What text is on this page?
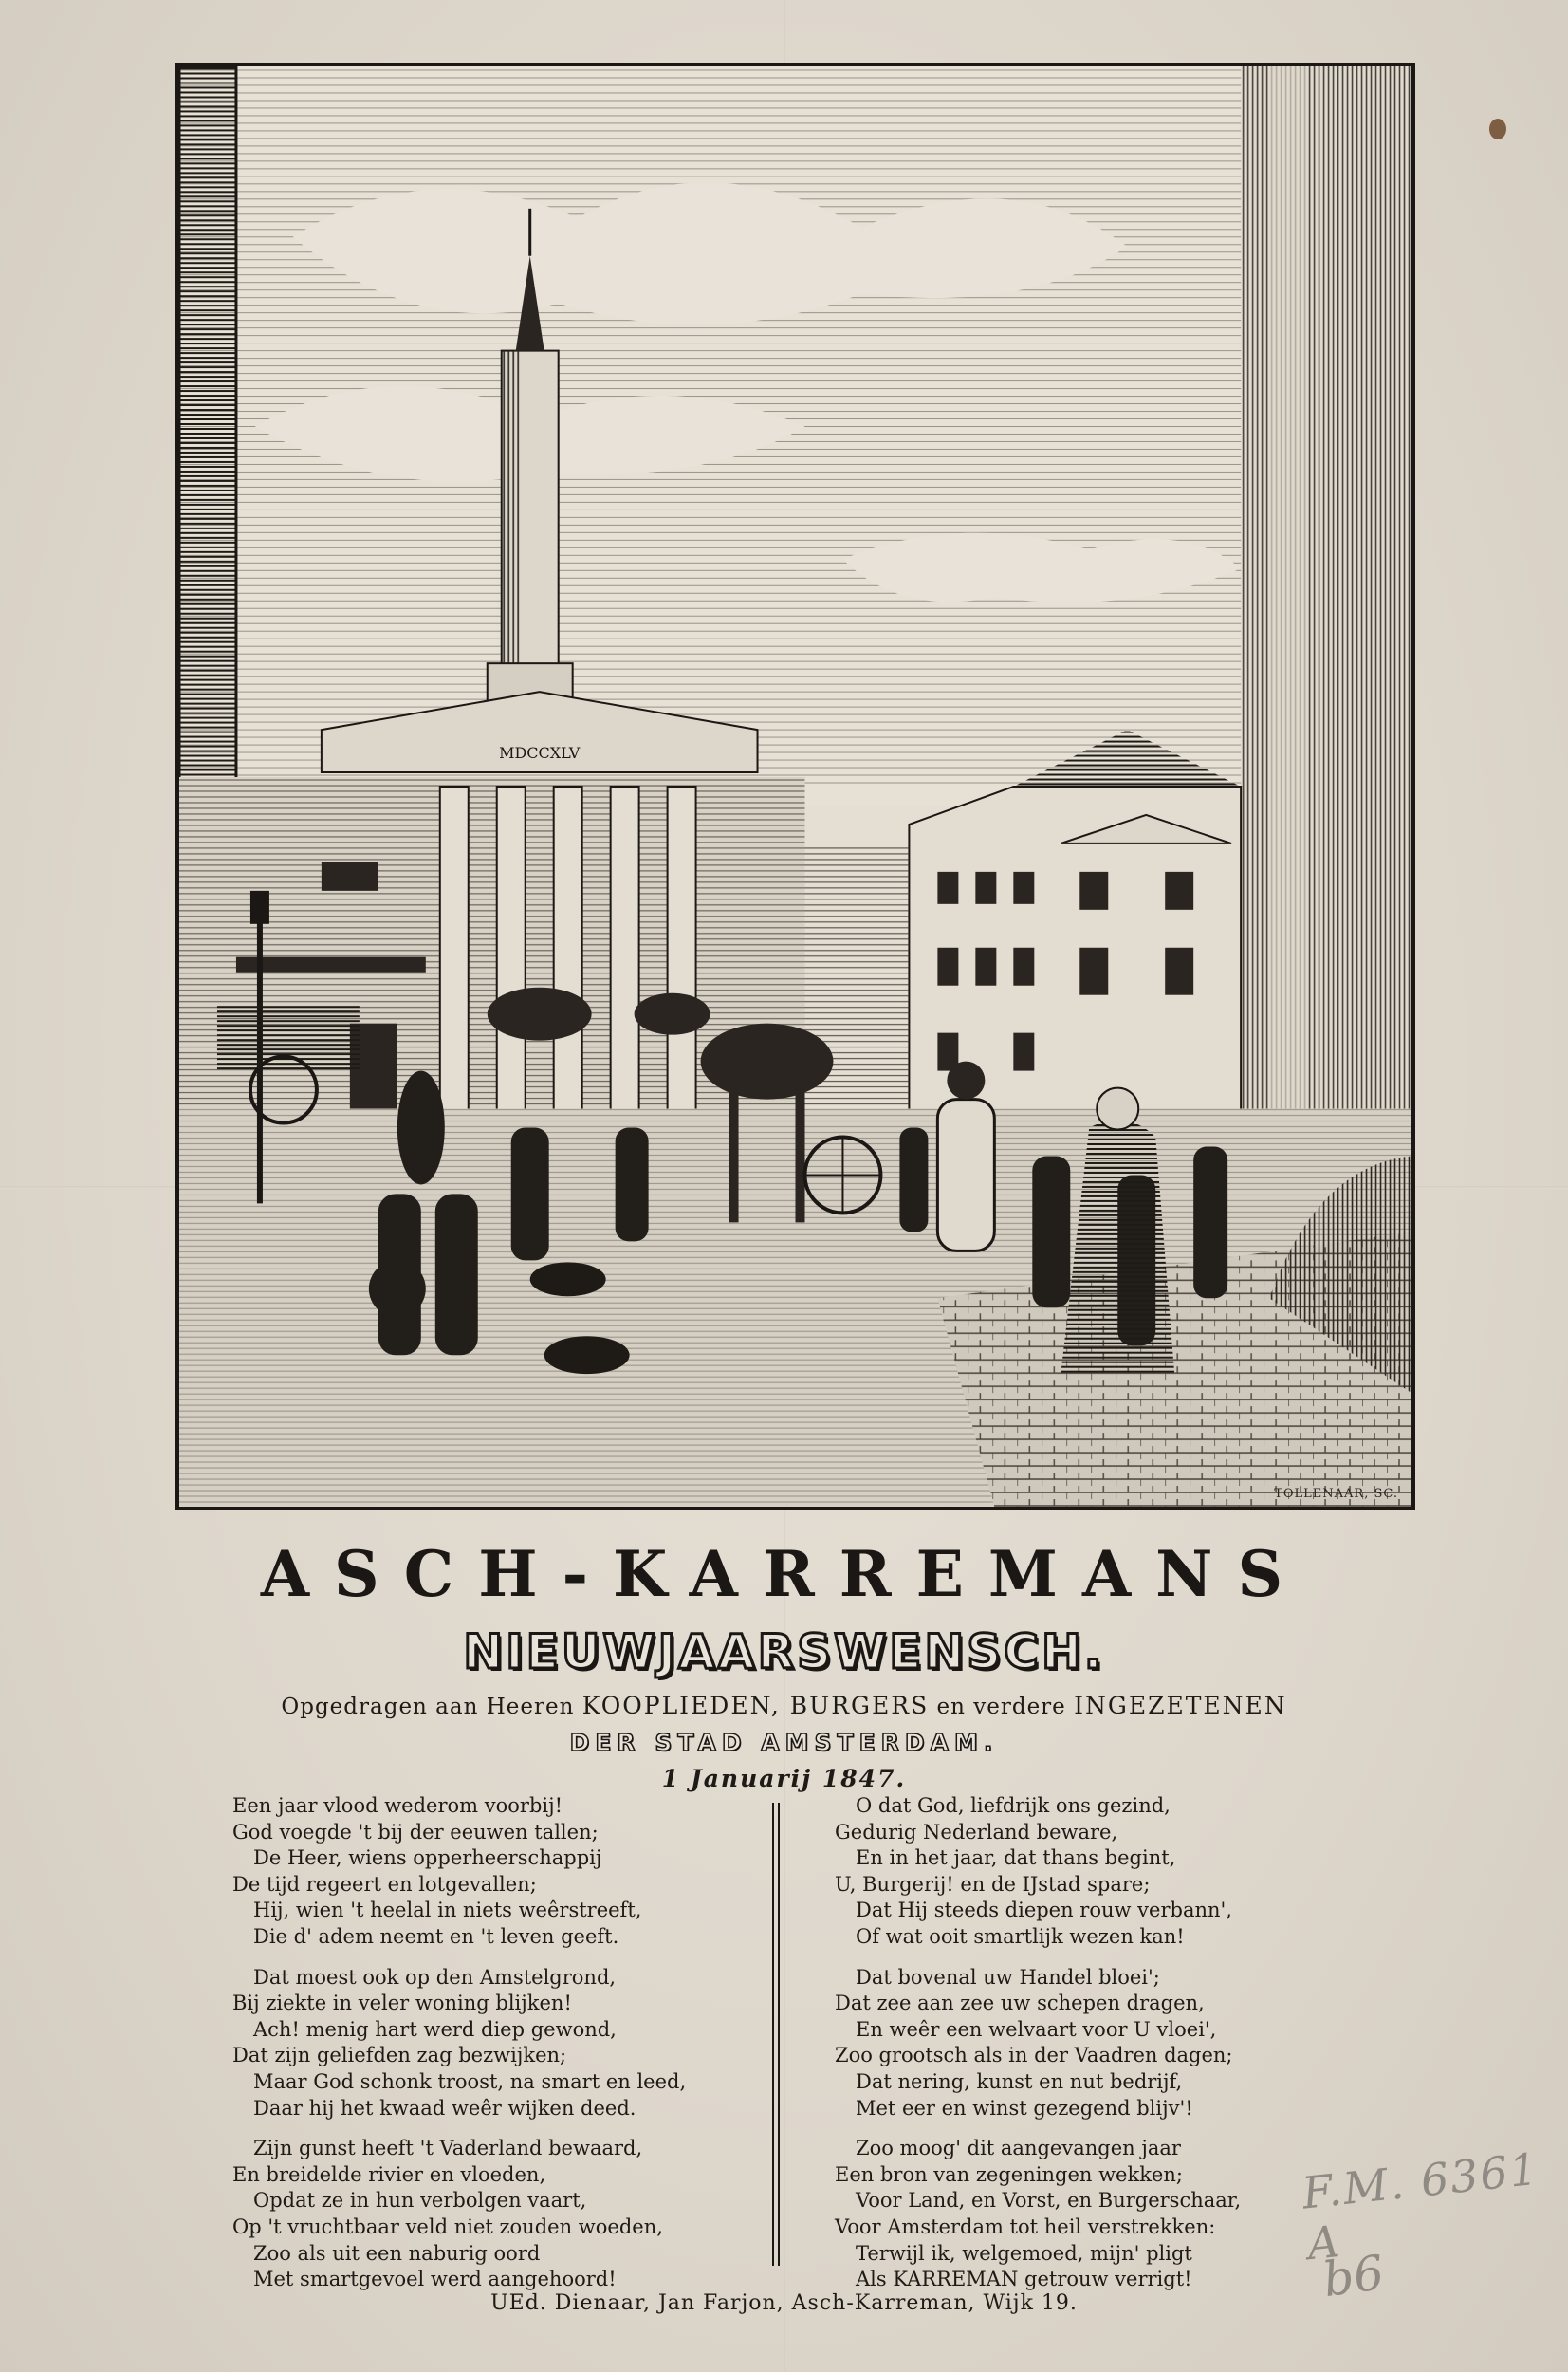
MDCCXLV
TOLLENAAR, SC.
ASCH-KARREMANS
NIEUWJAARSWENSCH.
Opgedragen aan Heeren KOOPLIEDEN, BURGERS en verdere INGEZETENEN
DER STAD AMSTERDAM.
1 Januarij 1847.
Een jaar vlood wederom voorbij!
God voegde 't bij der eeuwen tallen;
De Heer, wiens opperheerschappij
De tijd regeert en lotgevallen;
Hij, wien 't heelal in niets weêrstreeft,
Die d' adem neemt en 't leven geeft.
Dat moest ook op den Amstelgrond,
Bij ziekte in veler woning blijken!
Ach! menig hart werd diep gewond,
Dat zijn geliefden zag bezwijken;
Maar God schonk troost, na smart en leed,
Daar hij het kwaad weêr wijken deed.
Zijn gunst heeft 't Vaderland bewaard,
En breidelde rivier en vloeden,
Opdat ze in hun verbolgen vaart,
Op 't vruchtbaar veld niet zouden woeden,
Zoo als uit een naburig oord
Met smartgevoel werd aangehoord!
O dat God, liefdrijk ons gezind,
Gedurig Nederland beware,
En in het jaar, dat thans begint,
U, Burgerij! en de IJstad spare;
Dat Hij steeds diepen rouw verbann',
Of wat ooit smartlijk wezen kan!
Dat bovenal uw Handel bloei';
Dat zee aan zee uw schepen dragen,
En weêr een welvaart voor U vloei',
Zoo grootsch als in der Vaadren dagen;
Dat nering, kunst en nut bedrijf,
Met eer en winst gezegend blijv'!
Zoo moog' dit aangevangen jaar
Een bron van zegeningen wekken;
Voor Land, en Vorst, en Burgerschaar,
Voor Amsterdam tot heil verstrekken:
Terwijl ik, welgemoed, mijn' pligt
Als KARREMAN getrouw verrigt!
UEd. Dienaar, Jan Farjon, Asch-Karreman, Wijk 19.
F.M. 6361 A
b6
